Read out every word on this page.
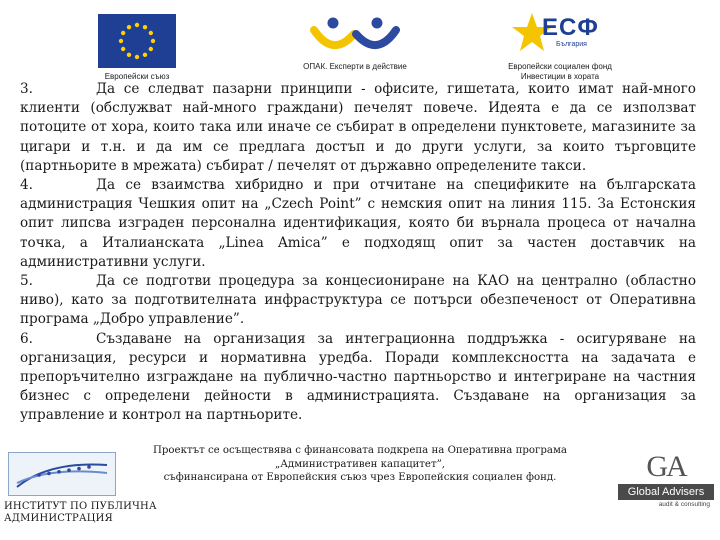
Европейски съюз
ОПАК. Експерти в действие
ЕСФ
България
Европейски социален фонд
Инвестиции в хората

3.	Да се следват пазарни принципи - офисите, гишетата, които имат най-много клиенти (обслужват най-много граждани) печелят повече. Идеята е да се използват потоците от хора, които така или иначе се събират в определени пунктовете, магазините за цигари и т.н. и да им се предлага достъп и до други услуги, за които търговците (партньорите в мрежата) събират / печелят от държавно определените такси.

4.	Да се взаимства хибридно и при отчитане на спецификите на българската администрация Чешкия опит на „Czech Point” с немския опит на линия 115. За Естонския опит липсва изграден персонална идентификация, която би върнала процеса от начална точка, а Италианската „Linea Amica” е подходящ опит за частен доставчик на административни услуги.

5.	Да се подготви процедура за концесиониране на КАО на централно (областно ниво), като за подготвителната инфраструктура се потърси обезпеченост от Оперативна програма „Добро управление”.

6.	Създаване на организация за интеграционна поддръжка - осигуряване на организация, ресурси и нормативна уредба. Поради комплексността на задачата е препоръчително изграждане на публично-частно партньорство и интегриране на частния бизнес с определени дейности в администрацията. Създаване на организация за управление и контрол на партньорите.

Проектът се осъществява с финансовата подкрепа на Оперативна програма
„Административен капацитет”,
съфинансирана от Европейския съюз чрез Европейския социален фонд.
ИНСТИТУТ ПО ПУБЛИЧНА
АДМИНИСТРАЦИЯ
GA
Global Advisers
audit & consulting
